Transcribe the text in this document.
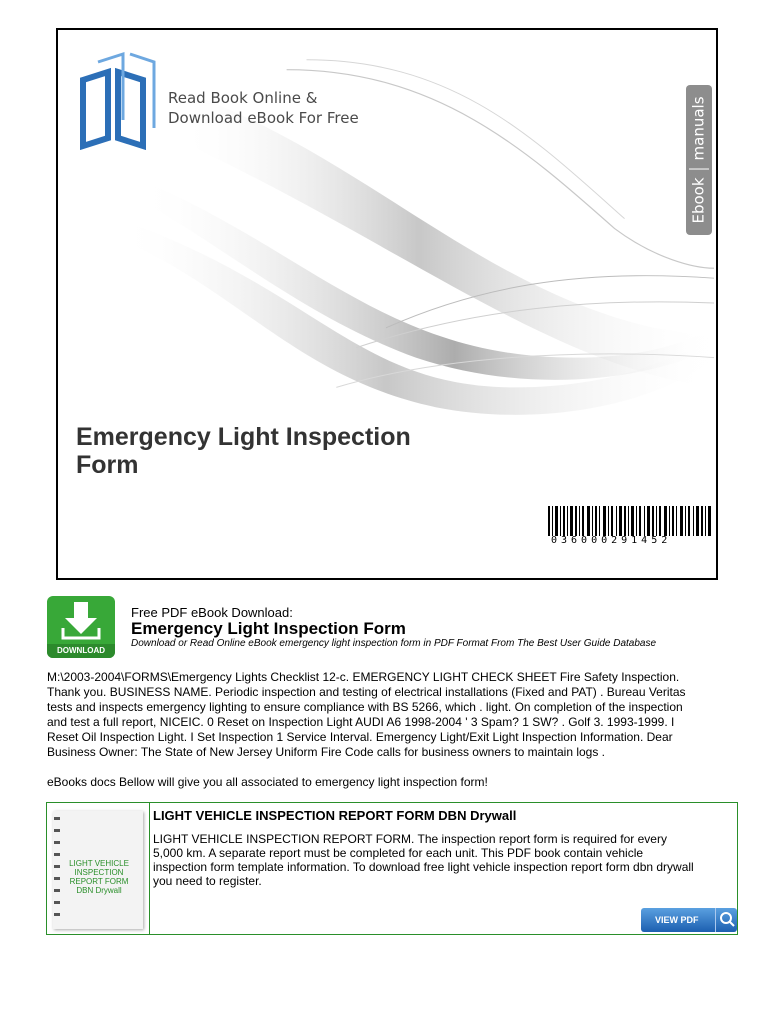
Read Book Online &
Download eBook For Free
Ebookmanuals
Emergency Light Inspection
Form
036000291452
DOWNLOAD
Free PDF eBook Download:
Emergency Light Inspection Form
Download or Read Online eBook emergency light inspection form in PDF Format From The Best User Guide Database
M:\2003-2004\FORMS\Emergency Lights Checklist 12-c. EMERGENCY LIGHT CHECK SHEET Fire Safety Inspection.
Thank you. BUSINESS NAME. Periodic inspection and testing of electrical installations (Fixed and PAT) . Bureau Veritas
tests and inspects emergency lighting to ensure compliance with BS 5266, which . light. On completion of the inspection
and test a full report, NICEIC. 0 Reset on Inspection Light AUDI A6 1998-2004 ' 3 Spam? 1 SW? . Golf 3. 1993-1999. I
Reset Oil Inspection Light. I Set Inspection 1 Service Interval. Emergency Light/Exit Light Inspection Information. Dear
Business Owner: The State of New Jersey Uniform Fire Code calls for business owners to maintain logs .
eBooks docs Bellow will give you all associated to emergency light inspection form!
LIGHT VEHICLE
INSPECTION
REPORT FORM
DBN Drywall
LIGHT VEHICLE INSPECTION REPORT FORM DBN Drywall
LIGHT VEHICLE INSPECTION REPORT FORM. The inspection report form is required for every
5,000 km. A separate report must be completed for each unit. This PDF book contain vehicle
inspection form template information. To download free light vehicle inspection report form dbn drywall
you need to register.
VIEW PDF
